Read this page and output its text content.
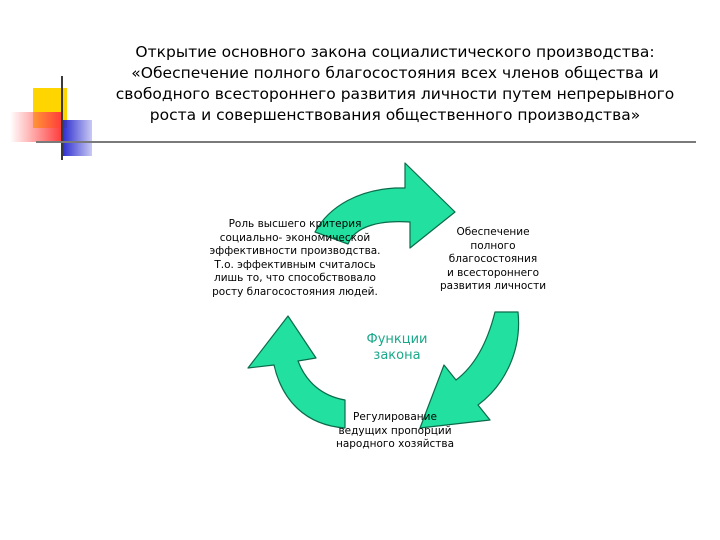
Открытие основного закона социалистического производства:
«Обеспечение полного благосостояния всех членов общества и
свободного всестороннего развития личности путем непрерывного
роста и совершенствования общественного производства»
Роль высшего критерия
социально- экономической
эффективности производства.
Т.о. эффективным считалось
лишь то, что способствовало
росту благосостояния людей.
Обеспечение
полного
благосостояния
и всестороннего
развития личности
Регулирование
ведущих пропорций
народного хозяйства
Функции
закона
